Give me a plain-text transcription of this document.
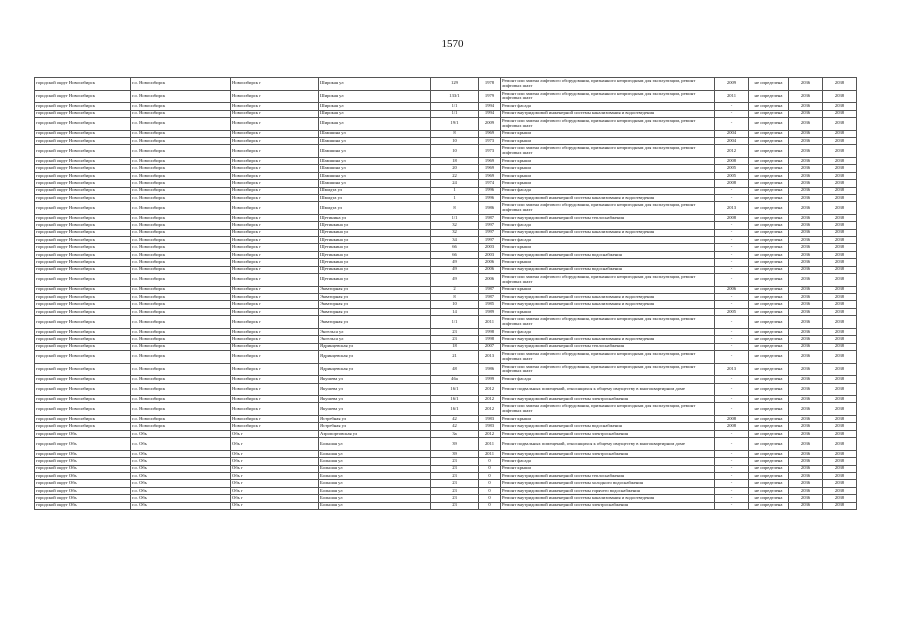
1570
городской округ Новосибирск	г.о. Новосибирск	Новосибирск г	Широкая ул	129	1978	Ремонт или замена лифтового оборудования, признанного непригодным для эксплуатации, ремонт лифтовых шахт	2009	не определена	2036	2038
городской округ Новосибирск	г.о. Новосибирск	Новосибирск г	Широкая ул	133/1	1979	Ремонт или замена лифтового оборудования, признанного непригодным для эксплуатации, ремонт лифтовых шахт	2011	не определена	2036	2038
городской округ Новосибирск	г.о. Новосибирск	Новосибирск г	Широкая ул	1/1	1994	Ремонт фасада	-	не определена	2036	2038
городской округ Новосибирск	г.о. Новосибирск	Новосибирск г	Широкая ул	1/1	1994	Ремонт внутридомовой инженерной системы канализования и водоотведения	-	не определена	2036	2038
городской округ Новосибирск	г.о. Новосибирск	Новосибирск г	Широкая ул	19/1	2009	Ремонт или замена лифтового оборудования, признанного непригодным для эксплуатации, ремонт лифтовых шахт	-	не определена	2036	2038
городской округ Новосибирск	г.о. Новосибирск	Новосибирск г	Шамшина ул	8	1969	Ремонт крыши	2004	не определена	2036	2038
городской округ Новосибирск	г.о. Новосибирск	Новосибирск г	Шамшина ул	10	1973	Ремонт крыши	2004	не определена	2036	2038
городской округ Новосибирск	г.о. Новосибирск	Новосибирск г	Шамшина ул	10	1973	Ремонт или замена лифтового оборудования, признанного непригодным для эксплуатации, ремонт лифтовых шахт	2012	не определена	2036	2038
городской округ Новосибирск	г.о. Новосибирск	Новосибирск г	Шамшина ул	18	1969	Ремонт крыши	2008	не определена	2036	2038
городской округ Новосибирск	г.о. Новосибирск	Новосибирск г	Шамшина ул	20	1969	Ремонт крыши	2005	не определена	2036	2038
городской округ Новосибирск	г.о. Новосибирск	Новосибирск г	Шамшина ул	22	1969	Ремонт крыши	2005	не определена	2036	2038
городской округ Новосибирск	г.о. Новосибирск	Новосибирск г	Шамшина ул	24	1974	Ремонт крыши	2008	не определена	2036	2038
городской округ Новосибирск	г.о. Новосибирск	Новосибирск г	Шмидта ул	1	1996	Ремонт фасада	-	не определена	2036	2038
городской округ Новосибирск	г.о. Новосибирск	Новосибирск г	Шмидта ул	1	1996	Ремонт внутридомовой инженерной системы канализования и водоотведения	-	не определена	2036	2038
городской округ Новосибирск	г.о. Новосибирск	Новосибирск г	Шмидта ул	8	1986	Ремонт или замена лифтового оборудования, признанного непригодным для эксплуатации, ремонт лифтовых шахт	2013	не определена	2036	2038
городской округ Новосибирск	г.о. Новосибирск	Новосибирск г	Щетинина ул	1/1	1987	Ремонт внутридомовой инженерной системы теплоснабжения	2008	не определена	2036	2038
городской округ Новосибирск	г.о. Новосибирск	Новосибирск г	Щетинкина ул	32	1997	Ремонт фасада	-	не определена	2036	2038
городской округ Новосибирск	г.о. Новосибирск	Новосибирск г	Щетинкина ул	32	1997	Ремонт внутридомовой инженерной системы канализования и водоотведения	-	не определена	2036	2038
городской округ Новосибирск	г.о. Новосибирск	Новосибирск г	Щетинкина ул	34	1997	Ремонт фасада	-	не определена	2036	2038
городской округ Новосибирск	г.о. Новосибирск	Новосибирск г	Щетинкина ул	66	2003	Ремонт крыши	-	не определена	2036	2038
городской округ Новосибирск	г.о. Новосибирск	Новосибирск г	Щетинкина ул	66	2003	Ремонт внутридомовой инженерной системы водоснабжения	-	не определена	2036	2038
городской округ Новосибирск	г.о. Новосибирск	Новосибирск г	Щетинкина ул	49	2006	Ремонт крыши	-	не определена	2036	2038
городской округ Новосибирск	г.о. Новосибирск	Новосибирск г	Щетинкина ул	49	2006	Ремонт внутридомовой инженерной системы водоснабжения	-	не определена	2036	2038
городской округ Новосибирск	г.о. Новосибирск	Новосибирск г	Щетинкина ул	49	2006	Ремонт или замена лифтового оборудования, признанного непригодным для эксплуатации, ремонт лифтовых шахт	-	не определена	2036	2038
городской округ Новосибирск	г.о. Новосибирск	Новосибирск г	Экваторная ул	2	1987	Ремонт крыши	2006	не определена	2036	2038
городской округ Новосибирск	г.о. Новосибирск	Новосибирск г	Экваторная ул	8	1987	Ремонт внутридомовой инженерной системы канализования и водоотведения	-	не определена	2036	2038
городской округ Новосибирск	г.о. Новосибирск	Новосибирск г	Экваторная ул	10	1985	Ремонт внутридомовой инженерной системы канализования и водоотведения	-	не определена	2036	2038
городской округ Новосибирск	г.о. Новосибирск	Новосибирск г	Экваторная ул	14	1989	Ремонт крыши	2005	не определена	2036	2038
городской округ Новосибирск	г.о. Новосибирск	Новосибирск г	Экваторная ул	1/1	2011	Ремонт или замена лифтового оборудования, признанного непригодным для эксплуатации, ремонт лифтовых шахт	-	не определена	2036	2038
городской округ Новосибирск	г.о. Новосибирск	Новосибирск г	Энгельса ул	23	1998	Ремонт фасада	-	не определена	2036	2038
городской округ Новосибирск	г.о. Новосибирск	Новосибирск г	Энгельса ул	23	1998	Ремонт внутридомовой инженерной системы канализования и водоотведения	-	не определена	2036	2038
городской округ Новосибирск	г.о. Новосибирск	Новосибирск г	Ядринцевская ул	18	2007	Ремонт внутридомовой инженерной системы теплоснабжения	-	не определена	2036	2038
городской округ Новосибирск	г.о. Новосибирск	Новосибирск г	Ядринцевская ул	21	2013	Ремонт или замена лифтового оборудования, признанного непригодным для эксплуатации, ремонт лифтовых шахт	-	не определена	2036	2038
городской округ Новосибирск	г.о. Новосибирск	Новосибирск г	Ядринцевская ул	48	1986	Ремонт или замена лифтового оборудования, признанного непригодным для эксплуатации, ремонт лифтовых шахт	2013	не определена	2036	2038
городской округ Новосибирск	г.о. Новосибирск	Новосибирск г	Якушева ул	46а	1999	Ремонт фасада	-	не определена	2036	2038
городской округ Новосибирск	г.о. Новосибирск	Новосибирск г	Якушева ул	16/1	2012	Ремонт подвальных помещений, относящихся к общему имуществу в многоквартирном доме	-	не определена	2036	2038
городской округ Новосибирск	г.о. Новосибирск	Новосибирск г	Якушева ул	16/1	2012	Ремонт внутридомовой инженерной системы электроснабжения	-	не определена	2036	2038
городской округ Новосибирск	г.о. Новосибирск	Новосибирск г	Якушева ул	16/1	2012	Ремонт или замена лифтового оборудования, признанного непригодным для эксплуатации, ремонт лифтовых шахт	-	не определена	2036	2038
городской округ Новосибирск	г.о. Новосибирск	Новосибирск г	Ястребная ул	42	1983	Ремонт крыши	2008	не определена	2036	2038
городской округ Новосибирск	г.о. Новосибирск	Новосибирск г	Ястребная ул	42	1983	Ремонт внутридомовой инженерной системы водоснабжения	2008	не определена	2036	2038
городской округ Обь	г.о. Обь	Обь г	Аэропортовская ул	3а	2012	Ремонт внутридомовой инженерной системы электроснабжения	-	не определена	2036	2038
городской округ Обь	г.о. Обь	Обь г	Большая ул	39	2011	Ремонт подвальных помещений, относящихся к общему имуществу в многоквартирном доме	-	не определена	2036	2038
городской округ Обь	г.о. Обь	Обь г	Большая ул	39	2011	Ремонт внутридомовой инженерной системы электроснабжения	-	не определена	2036	2038
городской округ Обь	г.о. Обь	Обь г	Большая ул	23	0	Ремонт фасада	-	не определена	2036	2038
городской округ Обь	г.о. Обь	Обь г	Большая ул	23	0	Ремонт крыши	-	не определена	2036	2038
городской округ Обь	г.о. Обь	Обь г	Большая ул	23	0	Ремонт внутридомовой инженерной системы теплоснабжения	-	не определена	2036	2038
городской округ Обь	г.о. Обь	Обь г	Большая ул	23	0	Ремонт внутридомовой инженерной системы холодного водоснабжения	-	не определена	2036	2038
городской округ Обь	г.о. Обь	Обь г	Большая ул	23	0	Ремонт внутридомовой инженерной системы горячего водоснабжения	-	не определена	2036	2038
городской округ Обь	г.о. Обь	Обь г	Большая ул	23	0	Ремонт внутридомовой инженерной системы канализования и водоотведения	-	не определена	2036	2038
городской округ Обь	г.о. Обь	Обь г	Большая ул	23	0	Ремонт внутридомовой инженерной системы электроснабжения	-	не определена	2036	2038
